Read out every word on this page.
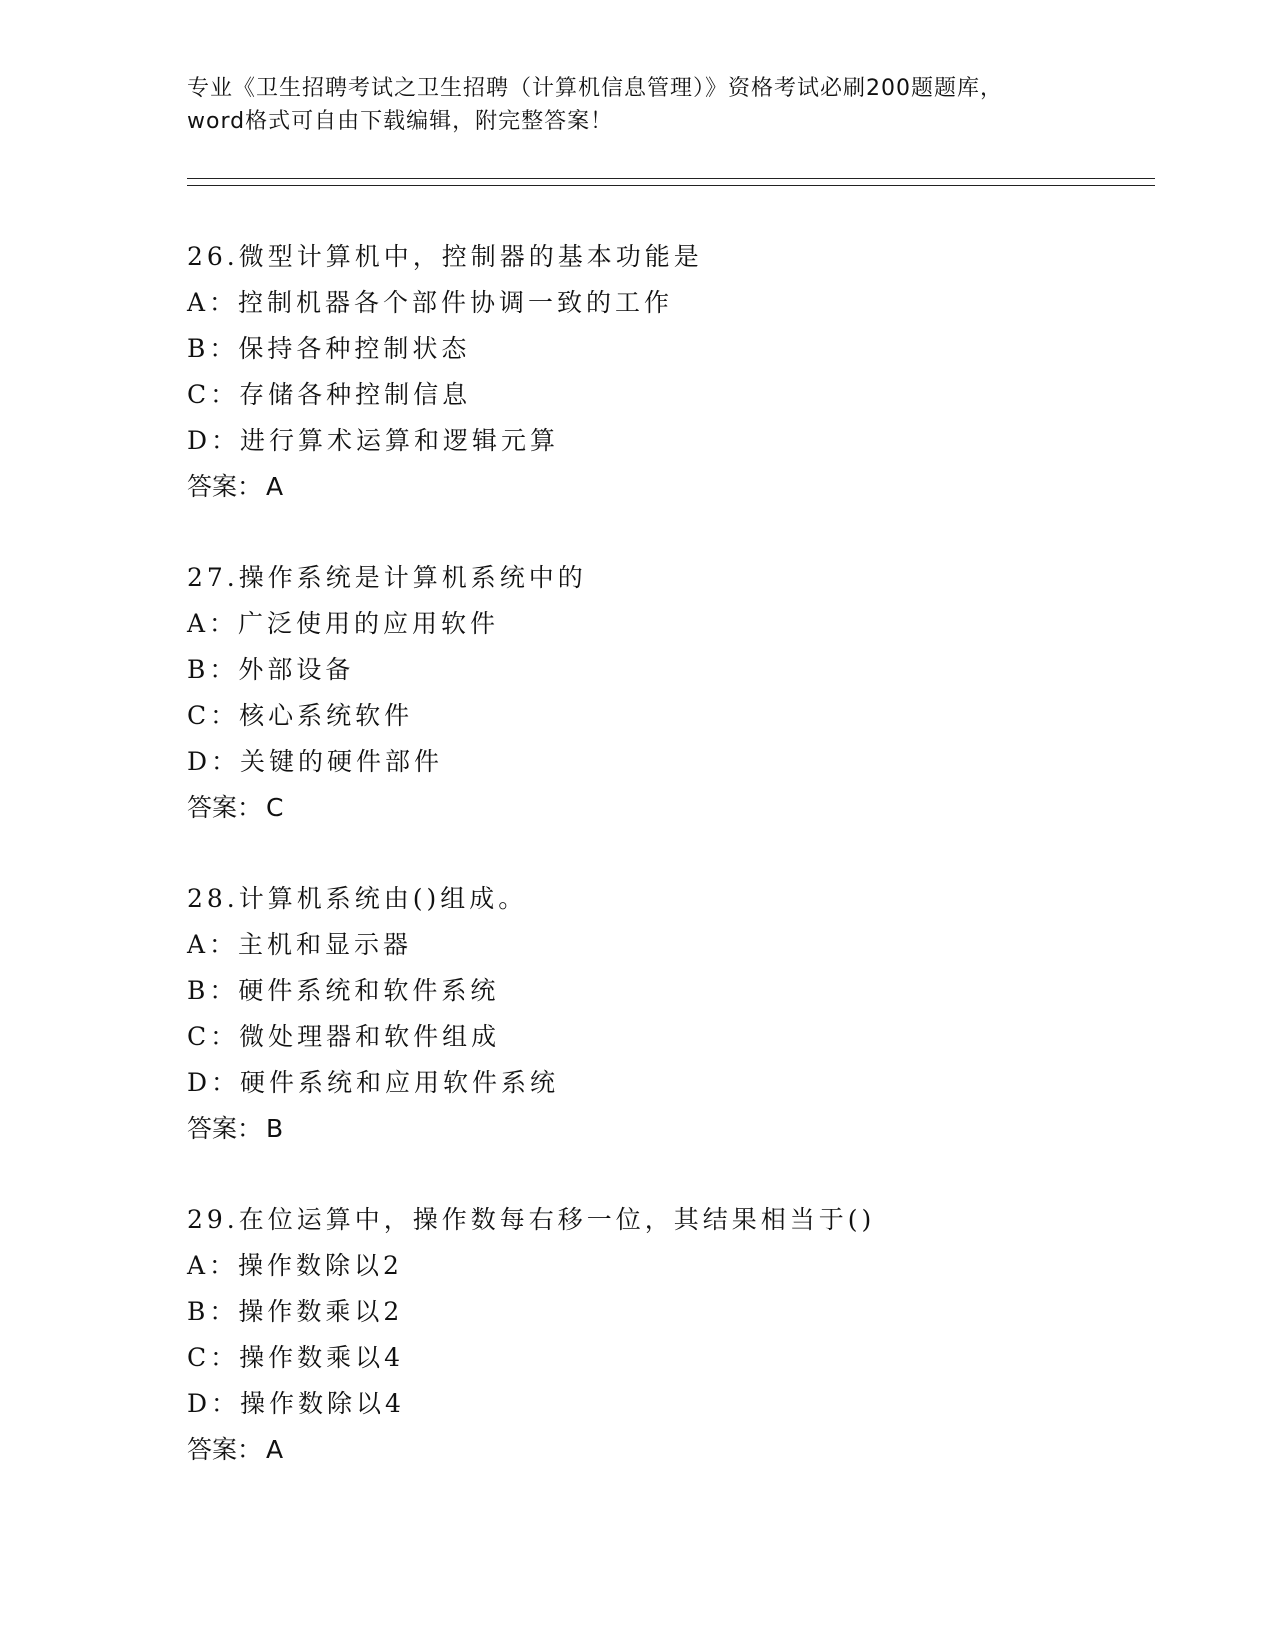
专业《卫生招聘考试之卫生招聘（计算机信息管理）》资格考试必刷200题题库，
word格式可自由下载编辑，附完整答案！
26.微型计算机中，控制器的基本功能是
A：控制机器各个部件协调一致的工作
B：保持各种控制状态
C：存储各种控制信息
D：进行算术运算和逻辑元算
答案： A
27.操作系统是计算机系统中的
A：广泛使用的应用软件
B：外部设备
C：核心系统软件
D：关键的硬件部件
答案： C
28.计算机系统由()组成。
A：主机和显示器
B：硬件系统和软件系统
C：微处理器和软件组成
D：硬件系统和应用软件系统
答案： B
29.在位运算中，操作数每右移一位，其结果相当于()
A：操作数除以2
B：操作数乘以2
C：操作数乘以4
D：操作数除以4
答案： A
